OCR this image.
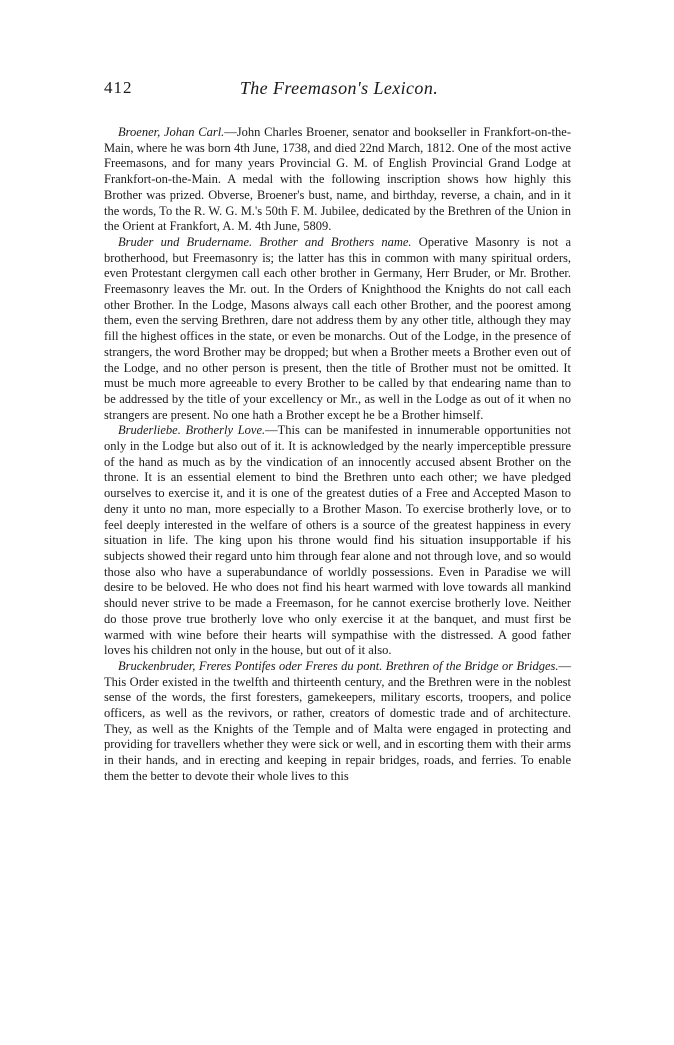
412	The Freemason's Lexicon.

Broener, Johan Carl.—John Charles Broener, senator and bookseller in Frankfort-on-the-Main, where he was born 4th June, 1738, and died 22nd March, 1812. One of the most active Freemasons, and for many years Provincial G. M. of English Provincial Grand Lodge at Frankfort-on-the-Main. A medal with the following inscription shows how highly this Brother was prized. Obverse, Broener's bust, name, and birthday, reverse, a chain, and in it the words, To the R. W. G. M.'s 50th F. M. Jubilee, dedicated by the Brethren of the Union in the Orient at Frankfort, A. M. 4th June, 5809.

Bruder und Brudername. Brother and Brothers name. Operative Masonry is not a brotherhood, but Freemasonry is; the latter has this in common with many spiritual orders, even Protestant clergymen call each other brother in Germany, Herr Bruder, or Mr. Brother. Freemasonry leaves the Mr. out. In the Orders of Knighthood the Knights do not call each other Brother. In the Lodge, Masons always call each other Brother, and the poorest among them, even the serving Brethren, dare not address them by any other title, although they may fill the highest offices in the state, or even be monarchs. Out of the Lodge, in the presence of strangers, the word Brother may be dropped; but when a Brother meets a Brother even out of the Lodge, and no other person is present, then the title of Brother must not be omitted. It must be much more agreeable to every Brother to be called by that endearing name than to be addressed by the title of your excellency or Mr., as well in the Lodge as out of it when no strangers are present. No one hath a Brother except he be a Brother himself.

Bruderliebe. Brotherly Love.—This can be manifested in innumerable opportunities not only in the Lodge but also out of it. It is acknowledged by the nearly imperceptible pressure of the hand as much as by the vindication of an innocently accused absent Brother on the throne. It is an essential element to bind the Brethren unto each other; we have pledged ourselves to exercise it, and it is one of the greatest duties of a Free and Accepted Mason to deny it unto no man, more especially to a Brother Mason. To exercise brotherly love, or to feel deeply interested in the welfare of others is a source of the greatest happiness in every situation in life. The king upon his throne would find his situation insupportable if his subjects showed their regard unto him through fear alone and not through love, and so would those also who have a superabundance of worldly possessions. Even in Paradise we will desire to be beloved. He who does not find his heart warmed with love towards all mankind should never strive to be made a Freemason, for he cannot exercise brotherly love. Neither do those prove true brotherly love who only exercise it at the banquet, and must first be warmed with wine before their hearts will sympathise with the distressed. A good father loves his children not only in the house, but out of it also.

Bruckenbruder, Freres Pontifes oder Freres du pont. Brethren of the Bridge or Bridges.—This Order existed in the twelfth and thirteenth century, and the Brethren were in the noblest sense of the words, the first foresters, gamekeepers, military escorts, troopers, and police officers, as well as the revivors, or rather, creators of domestic trade and of architecture. They, as well as the Knights of the Temple and of Malta were engaged in protecting and providing for travellers whether they were sick or well, and in escorting them with their arms in their hands, and in erecting and keeping in repair bridges, roads, and ferries. To enable them the better to devote their whole lives to this
